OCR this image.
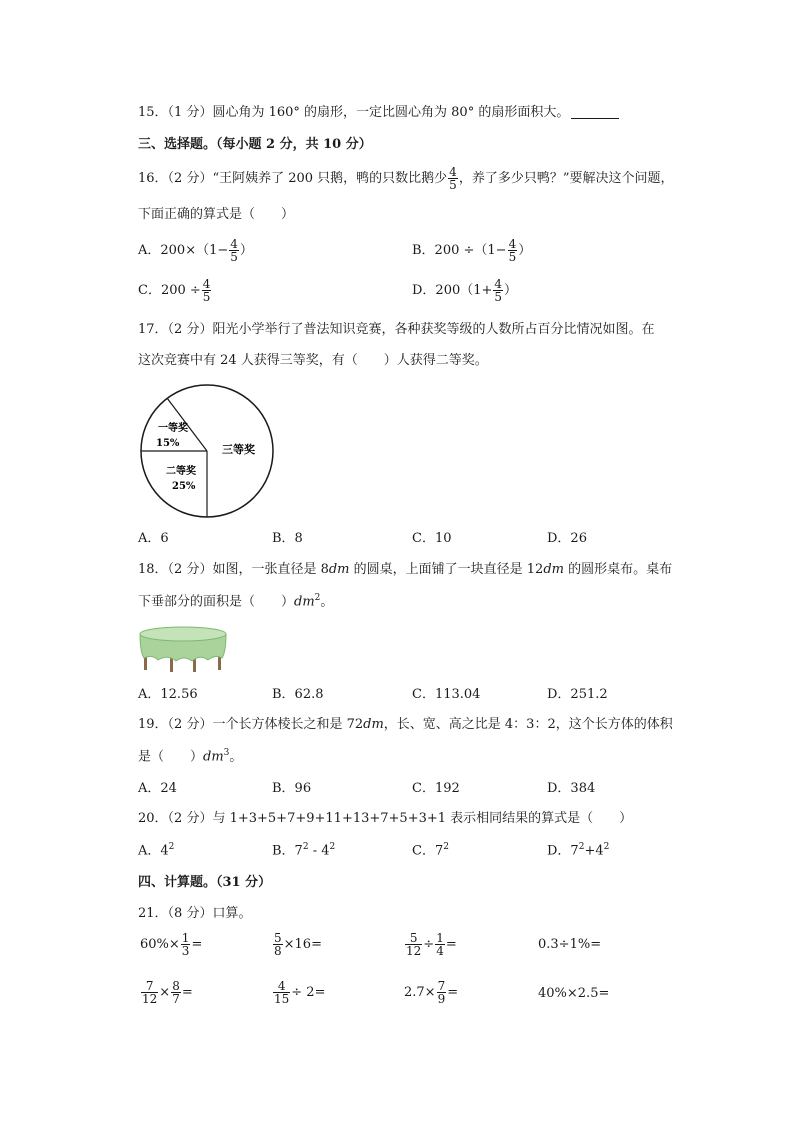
15．（1 分）圆心角为 160° 的扇形，一定比圆心角为 80° 的扇形面积大。
三、选择题。（每小题 2 分，共 10 分）
16．（2 分）“王阿姨养了 200 只鹅，鸭的只数比鹅少 $\frac{4}{5}$ ，养了多少只鸭？”要解决这个问题，
下面正确的算式是（　　）
A．$200\times(1- \frac{4}{5}$ ）	B．$200 \div(1- \frac{4}{5}$ ）
C．$200 \div \frac{4}{5}$	D．$200(1+ \frac{4}{5}$ ）
17．（2 分）阳光小学举行了普法知识竞赛，各种获奖等级的人数所占百分比情况如图。在
这次竞赛中有 24 人获得三等奖，有（　　）人获得二等奖。
一等奖
15%
二等奖
25%
三等奖
A．6	B．8	C．10	D．26
18．（2 分）如图，一张直径是 8dm 的圆桌，上面铺了一块直径是 12dm 的圆形桌布。桌布
下垂部分的面积是（　　）$dm^2$。
A．12.56	B．62.8	C．113.04	D．251.2
19．（2 分）一个长方体棱长之和是 72dm，长、宽、高之比是 4：3：2，这个长方体的体积
是（　　）$dm^3$。
A．24	B．96	C．192	D．384
20．（2 分）与 1+3+5+7+9+11+13+7+5+3+1 表示相同结果的算式是（　　）
A．$4^2$	B．$7^2 - 4^2$	C．$7^2$	D．$7^2+4^2$
四、计算题。（31 分）
21．（8 分）口算。
$60\%\times \frac{1}{3}$ =	$\frac{5}{8} \times 16=$	$\frac{5}{12} \div \frac{1}{4}$ =	0.3÷1%=
$\frac{7}{12} \times \frac{8}{7}$ =	$\frac{4}{15} \div 2=$	$2.7\times \frac{7}{9}$ =	40%×2.5=
